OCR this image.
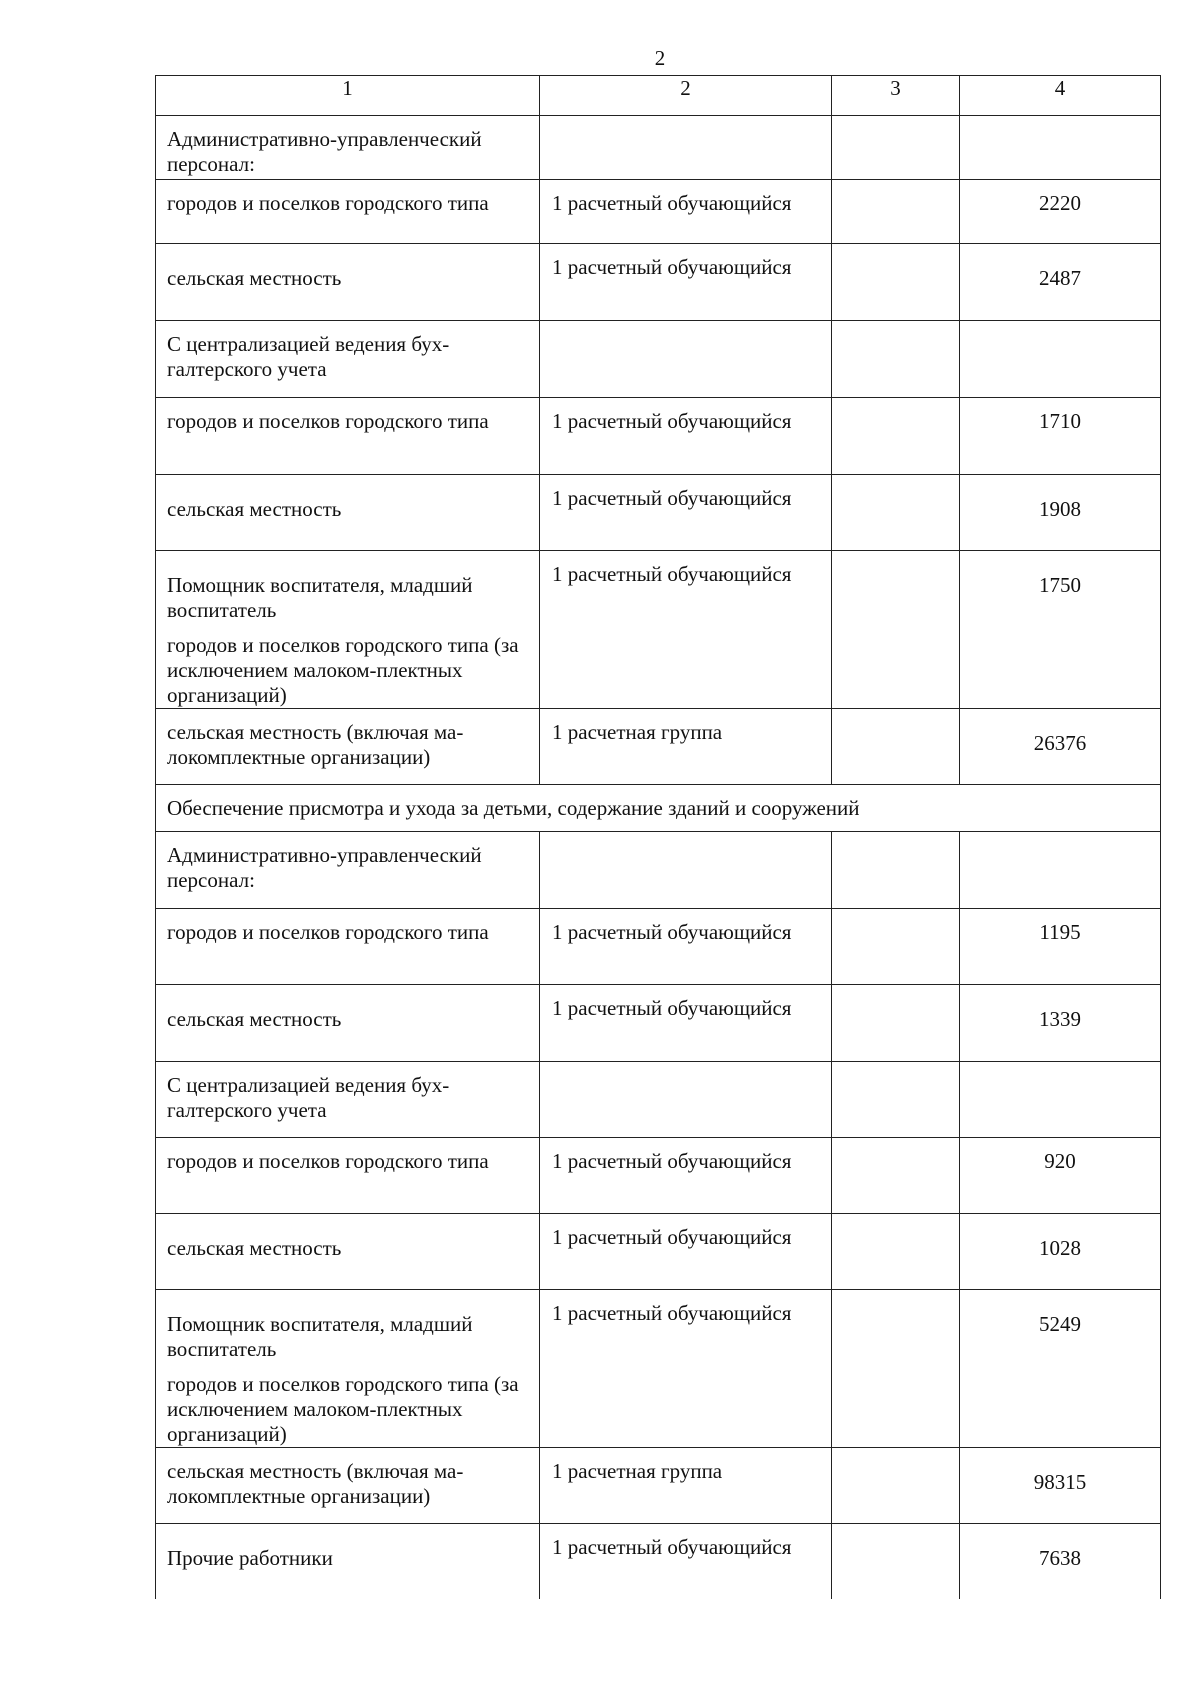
2
1	2	3	4
Административно-управленческий персонал:			
городов и поселков городского типа	1 расчетный обучающийся		2220
сельская местность	1 расчетный обучающийся		2487
С централизацией ведения бух-галтерского учета			
городов и поселков городского типа	1 расчетный обучающийся		1710
сельская местность	1 расчетный обучающийся		1908

Помощник воспитателя, младший воспитатель

городов и поселков городского типа (за исключением малоком-плектных организаций)	1 расчетный обучающийся		1750
сельская местность (включая ма-локомплектные организации)	1 расчетная группа		26376
Обеспечение присмотра и ухода за детьми, содержание зданий и сооружений			
Административно-управленческий персонал:			
городов и поселков городского типа	1 расчетный обучающийся		1195
сельская местность	1 расчетный обучающийся		1339
С централизацией ведения бух-галтерского учета			
городов и поселков городского типа	1 расчетный обучающийся		920
сельская местность	1 расчетный обучающийся		1028

Помощник воспитателя, младший воспитатель

городов и поселков городского типа (за исключением малоком-плектных организаций)	1 расчетный обучающийся		5249
сельская местность (включая ма-локомплектные организации)	1 расчетная группа		98315
Прочие работники	1 расчетный обучающийся		7638
